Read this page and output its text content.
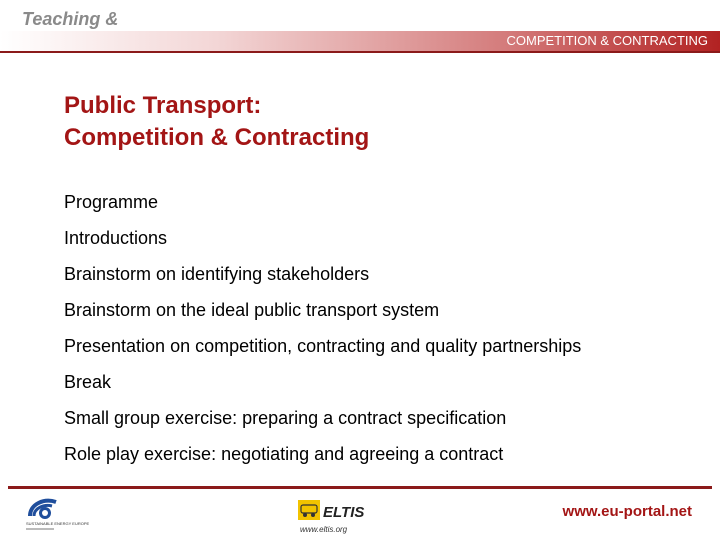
Teaching &
COMPETITION & CONTRACTING
Public Transport:
Competition & Contracting
Programme
Introductions
Brainstorm on identifying stakeholders
Brainstorm on the ideal public transport system
Presentation on competition, contracting and quality partnerships
Break
Small group exercise: preparing a contract specification
Role play exercise: negotiating and agreeing a contract
SUSTAINABLE ENERGY EUROPE
ELTIS
www.eltis.org
www.eu-portal.net
